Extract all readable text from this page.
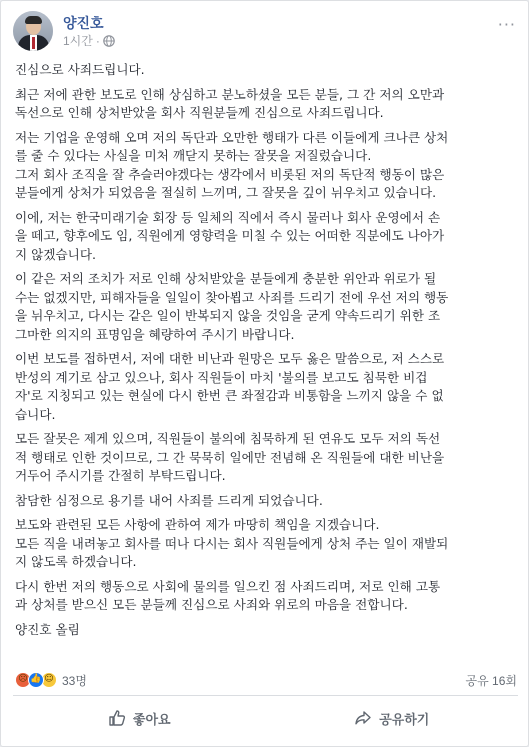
양진호
1시간 ·
···
진심으로 사죄드립니다.
최근 저에 관한 보도로 인해 상심하고 분노하셨을 모든 분들, 그 간 저의 오만과
독선으로 인해 상처받았을 회사 직원분들께 진심으로 사죄드립니다.
저는 기업을 운영해 오며 저의 독단과 오만한 행태가 다른 이들에게 크나큰 상처
를 줄 수 있다는 사실을 미처 깨닫지 못하는 잘못을 저질렀습니다.
그저 회사 조직을 잘 추슬러야겠다는 생각에서 비롯된 저의 독단적 행동이 많은
분들에게 상처가 되었음을 절실히 느끼며, 그 잘못을 깊이 뉘우치고 있습니다.
이에, 저는 한국미래기술 회장 등 일체의 직에서 즉시 물러나 회사 운영에서 손
을 떼고, 향후에도 임, 직원에게 영향력을 미칠 수 있는 어떠한 직분에도 나아가
지 않겠습니다.
이 같은 저의 조치가 저로 인해 상처받았을 분들에게 충분한 위안과 위로가 될
수는 없겠지만, 피해자들을 일일이 찾아뵙고 사죄를 드리기 전에 우선 저의 행동
을 뉘우치고, 다시는 같은 일이 반복되지 않을 것임을 굳게 약속드리기 위한 조
그마한 의지의 표명임을 혜량하여 주시기 바랍니다.
이번 보도를 접하면서, 저에 대한 비난과 원망은 모두 옳은 말씀으로, 저 스스로
반성의 계기로 삼고 있으나, 회사 직원들이 마치 '불의를 보고도 침묵한 비겁
자'로 지칭되고 있는 현실에 다시 한번 큰 좌절감과 비통함을 느끼지 않을 수 없
습니다.
모든 잘못은 제게 있으며, 직원들이 불의에 침묵하게 된 연유도 모두 저의 독선
적 행태로 인한 것이므로, 그 간 묵묵히 일에만 전념해 온 직원들에 대한 비난을
거두어 주시기를 간절히 부탁드립니다.
참담한 심정으로 용기를 내어 사죄를 드리게 되었습니다.
보도와 관련된 모든 사항에 관하여 제가 마땅히 책임을 지겠습니다.
모든 직을 내려놓고 회사를 떠나 다시는 회사 직원들에게 상처 주는 일이 재발되
지 않도록 하겠습니다.
다시 한번 저의 행동으로 사회에 물의를 일으킨 점 사죄드리며, 저로 인해 고통
과 상처를 받으신 모든 분들께 진심으로 사죄와 위로의 마음을 전합니다.
양진호 올림
☹ 👍 ☺ 33명	공유 16회
좋아요	공유하기
